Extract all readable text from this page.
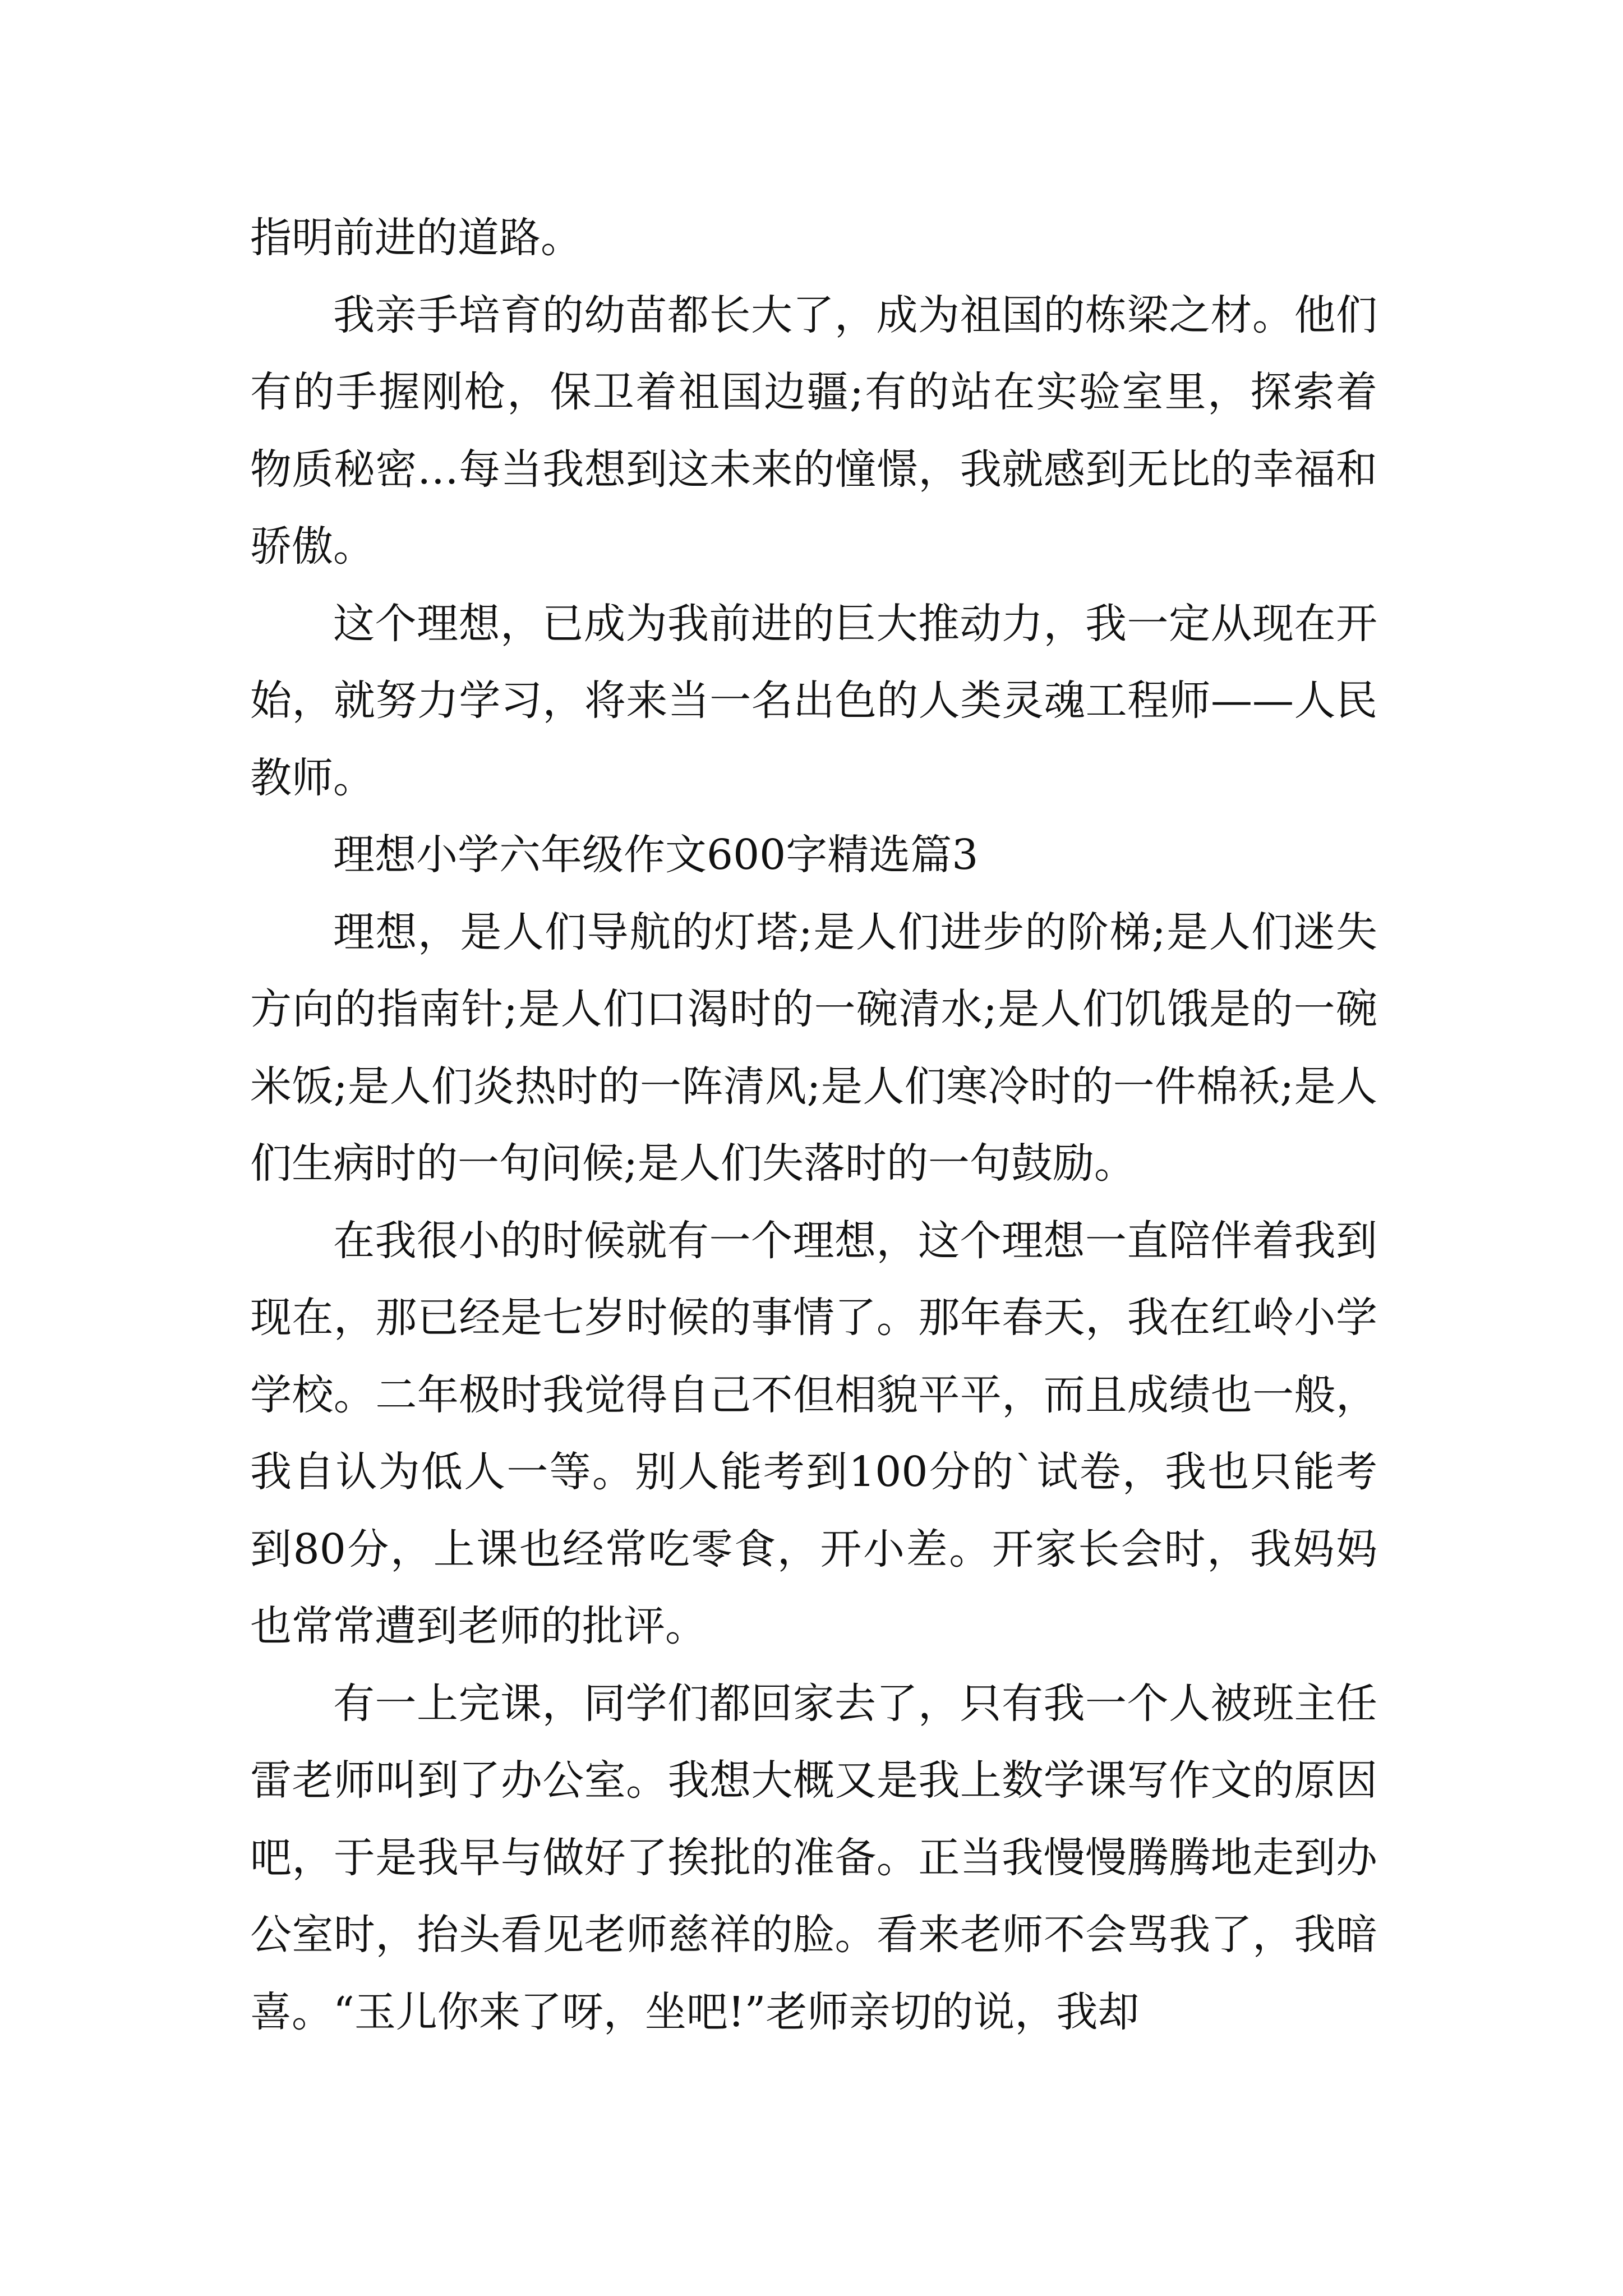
指明前进的道路。

我亲手培育的幼苗都长大了，成为祖国的栋梁之材。他们有的手握刚枪，保卫着祖国边疆;有的站在实验室里，探索着物质秘密…每当我想到这未来的憧憬，我就感到无比的幸福和骄傲。

这个理想，已成为我前进的巨大推动力，我一定从现在开始，就努力学习，将来当一名出色的人类灵魂工程师——人民教师。

理想小学六年级作文600字精选篇3

理想，是人们导航的灯塔;是人们进步的阶梯;是人们迷失方向的指南针;是人们口渴时的一碗清水;是人们饥饿是的一碗米饭;是人们炎热时的一阵清风;是人们寒冷时的一件棉袄;是人们生病时的一句问候;是人们失落时的一句鼓励。

在我很小的时候就有一个理想，这个理想一直陪伴着我到现在，那已经是七岁时候的事情了。那年春天，我在红岭小学学校。二年极时我觉得自己不但相貌平平，而且成绩也一般，我自认为低人一等。别人能考到100分的`试卷，我也只能考到80分，上课也经常吃零食，开小差。开家长会时，我妈妈也常常遭到老师的批评。

有一上完课，同学们都回家去了，只有我一个人被班主任雷老师叫到了办公室。我想大概又是我上数学课写作文的原因吧，于是我早与做好了挨批的准备。正当我慢慢腾腾地走到办公室时，抬头看见老师慈祥的脸。看来老师不会骂我了，我暗喜。“玉儿你来了呀，坐吧!”老师亲切的说，我却
